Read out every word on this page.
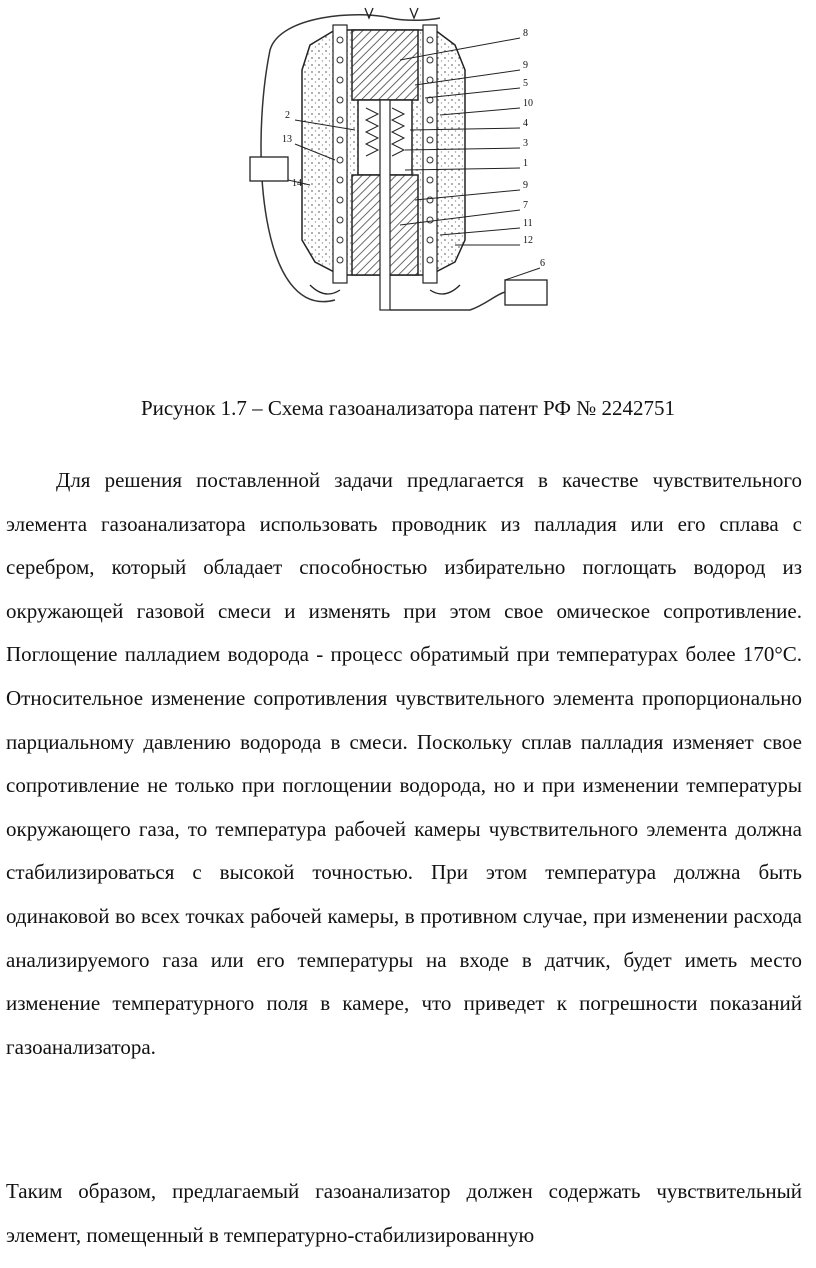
8
9
5
10
4
3
1
9
7
11
12
6
2
13
14
Рисунок 1.7 – Схема газоанализатора патент РФ № 2242751

Для решения поставленной задачи предлагается в качестве чувствительного элемента газоанализатора использовать проводник из палладия или его сплава с серебром, который обладает способностью избирательно поглощать водород из окружающей газовой смеси и изменять при этом свое омическое сопротивление. Поглощение палладием водорода - процесс обратимый при температурах более 170°С. Относительное изменение сопротивления чувствительного элемента пропорционально парциальному давлению водорода в смеси. Поскольку сплав палладия изменяет свое сопротивление не только при поглощении водорода, но и при изменении температуры окружающего газа, то температура рабочей камеры чувствительного элемента должна стабилизироваться с высокой точностью. При этом температура должна быть одинаковой во всех точках рабочей камеры, в противном случае, при изменении расхода анализируемого газа или его температуры на входе в датчик, будет иметь место изменение температурного поля в камере, что приведет к погрешности показаний газоанализатора.

Таким образом, предлагаемый газоанализатор должен содержать чувствительный элемент, помещенный в температурно-стабилизированную
